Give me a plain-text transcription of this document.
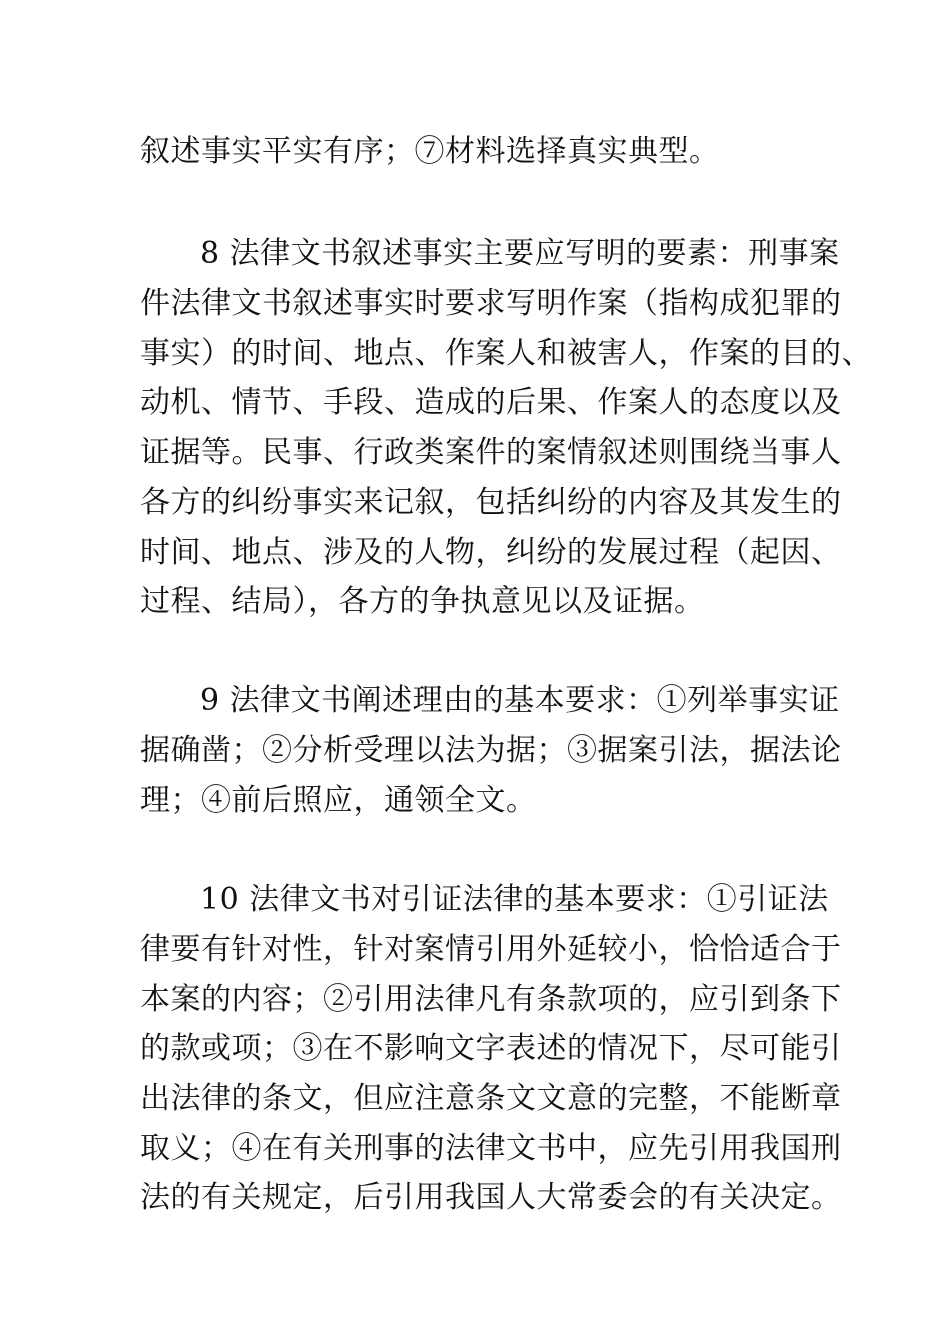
叙述事实平实有序；⑦材料选择真实典型。
8 法律文书叙述事实主要应写明的要素：刑事案
件法律文书叙述事实时要求写明作案（指构成犯罪的
事实）的时间、地点、作案人和被害人，作案的目的、
动机、情节、手段、造成的后果、作案人的态度以及
证据等。民事、行政类案件的案情叙述则围绕当事人
各方的纠纷事实来记叙，包括纠纷的内容及其发生的
时间、地点、涉及的人物，纠纷的发展过程（起因、
过程、结局），各方的争执意见以及证据。
9 法律文书阐述理由的基本要求：①列举事实证
据确凿；②分析受理以法为据；③据案引法，据法论
理；④前后照应，通领全文。
10 法律文书对引证法律的基本要求：①引证法
律要有针对性，针对案情引用外延较小，恰恰适合于
本案的内容；②引用法律凡有条款项的，应引到条下
的款或项；③在不影响文字表述的情况下，尽可能引
出法律的条文，但应注意条文文意的完整，不能断章
取义；④在有关刑事的法律文书中，应先引用我国刑
法的有关规定，后引用我国人大常委会的有关决定。
